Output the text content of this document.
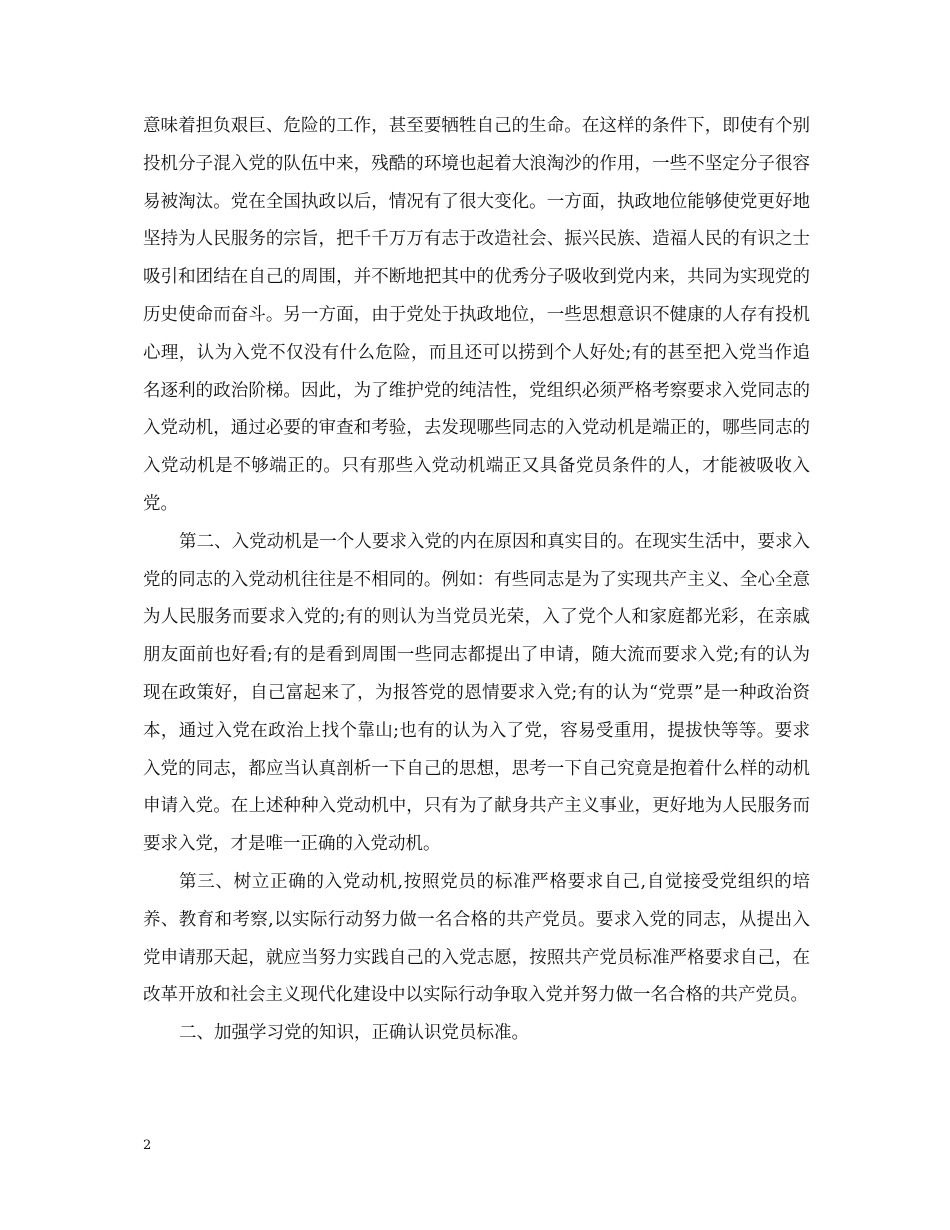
意味着担负艰巨、危险的工作，甚至要牺牲自己的生命。在这样的条件下，即使有个别投机分子混入党的队伍中来，残酷的环境也起着大浪淘沙的作用，一些不坚定分子很容易被淘汰。党在全国执政以后，情况有了很大变化。一方面，执政地位能够使党更好地坚持为人民服务的宗旨，把千千万万有志于改造社会、振兴民族、造福人民的有识之士吸引和团结在自己的周围，并不断地把其中的优秀分子吸收到党内来，共同为实现党的历史使命而奋斗。另一方面，由于党处于执政地位，一些思想意识不健康的人存有投机心理，认为入党不仅没有什么危险，而且还可以捞到个人好处;有的甚至把入党当作追名逐利的政治阶梯。因此，为了维护党的纯洁性，党组织必须严格考察要求入党同志的入党动机，通过必要的审查和考验，去发现哪些同志的入党动机是端正的，哪些同志的入党动机是不够端正的。只有那些入党动机端正又具备党员条件的人，才能被吸收入党。

第二、入党动机是一个人要求入党的内在原因和真实目的。在现实生活中，要求入党的同志的入党动机往往是不相同的。例如：有些同志是为了实现共产主义、全心全意为人民服务而要求入党的;有的则认为当党员光荣，入了党个人和家庭都光彩，在亲戚朋友面前也好看;有的是看到周围一些同志都提出了申请，随大流而要求入党;有的认为现在政策好，自己富起来了，为报答党的恩情要求入党;有的认为“党票”是一种政治资本，通过入党在政治上找个靠山;也有的认为入了党，容易受重用，提拔快等等。要求入党的同志，都应当认真剖析一下自己的思想，思考一下自己究竟是抱着什么样的动机申请入党。在上述种种入党动机中，只有为了献身共产主义事业，更好地为人民服务而要求入党，才是唯一正确的入党动机。

第三、树立正确的入党动机,按照党员的标准严格要求自己,自觉接受党组织的培养、教育和考察,以实际行动努力做一名合格的共产党员。要求入党的同志，从提出入党申请那天起，就应当努力实践自己的入党志愿，按照共产党员标准严格要求自己，在改革开放和社会主义现代化建设中以实际行动争取入党并努力做一名合格的共产党员。

二、加强学习党的知识，正确认识党员标准。

2
